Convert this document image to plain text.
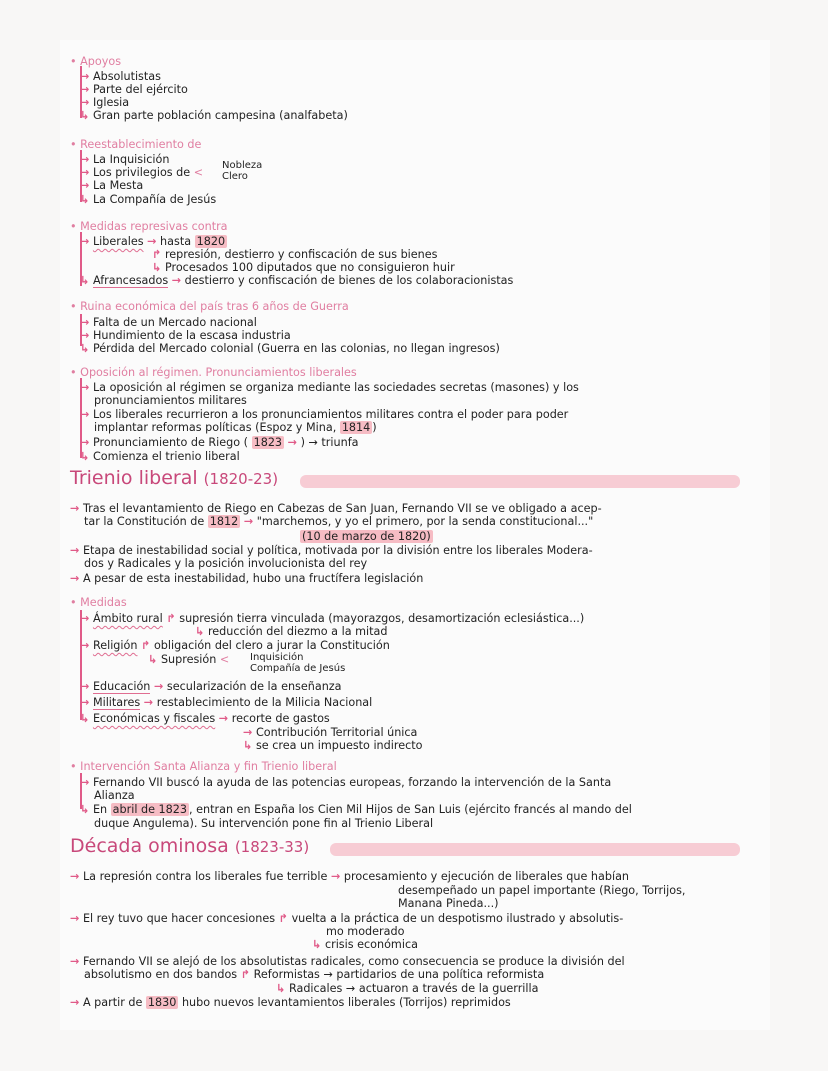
• Apoyos
→ Absolutistas
→ Parte del ejército
→ Iglesia
↳ Gran parte población campesina (analfabeta)
• Reestablecimiento de
→ La Inquisición
→ Los privilegios de <
Nobleza
Clero
→ La Mesta
↳ La Compañía de Jesús
• Medidas represivas contra
→ Liberales → hasta 1820
↱ represión, destierro y confiscación de sus bienes
↳ Procesados 100 diputados que no consiguieron huir
↳ Afrancesados → destierro y confiscación de bienes de los colaboracionistas
• Ruina económica del país tras 6 años de Guerra
→ Falta de un Mercado nacional
→ Hundimiento de la escasa industria
↳ Pérdida del Mercado colonial (Guerra en las colonias, no llegan ingresos)
• Oposición al régimen. Pronunciamientos liberales
→ La oposición al régimen se organiza mediante las sociedades secretas (masones) y los
pronunciamientos militares
→ Los liberales recurrieron a los pronunciamientos militares contra el poder para poder
implantar reformas políticas (Espoz y Mina, 1814 )
→ Pronunciamiento de Riego ( 1823 → ) → triunfa
↳ Comienza el trienio liberal
Trienio liberal (1820-23)
→ Tras el levantamiento de Riego en Cabezas de San Juan, Fernando VII se ve obligado a acep-
tar la Constitución de 1812 → "marchemos, y yo el primero, por la senda constitucional..."
(10 de marzo de 1820)
→ Etapa de inestabilidad social y política, motivada por la división entre los liberales Modera-
dos y Radicales y la posición involucionista del rey
→ A pesar de esta inestabilidad, hubo una fructífera legislación
• Medidas
→ Ámbito rural ↱ supresión tierra vinculada (mayorazgos, desamortización eclesiástica...)
↳ reducción del diezmo a la mitad
→ Religión ↱ obligación del clero a jurar la Constitución
↳ Supresión < Inquisición
Compañía de Jesús
→ Educación → secularización de la enseñanza
→ Militares → restablecimiento de la Milicia Nacional
↳ Económicas y fiscales → recorte de gastos
→ Contribución Territorial única
↳ se crea un impuesto indirecto
• Intervención Santa Alianza y fin Trienio liberal
→ Fernando VII buscó la ayuda de las potencias europeas, forzando la intervención de la Santa
Alianza
↳ En abril de 1823 , entran en España los Cien Mil Hijos de San Luis (ejército francés al mando del
duque Angulema). Su intervención pone fin al Trienio Liberal
Década ominosa (1823-33)
→ La represión contra los liberales fue terrible → procesamiento y ejecución de liberales que habían
desempeñado un papel importante (Riego, Torrijos,
Manana Pineda...)
→ El rey tuvo que hacer concesiones ↱ vuelta a la práctica de un despotismo ilustrado y absolutis-
mo moderado
↳ crisis económica
→ Fernando VII se alejó de los absolutistas radicales, como consecuencia se produce la división del
absolutismo en dos bandos ↱ Reformistas → partidarios de una política reformista
↳ Radicales → actuaron a través de la guerrilla
→ A partir de 1830 hubo nuevos levantamientos liberales (Torrijos) reprimidos
